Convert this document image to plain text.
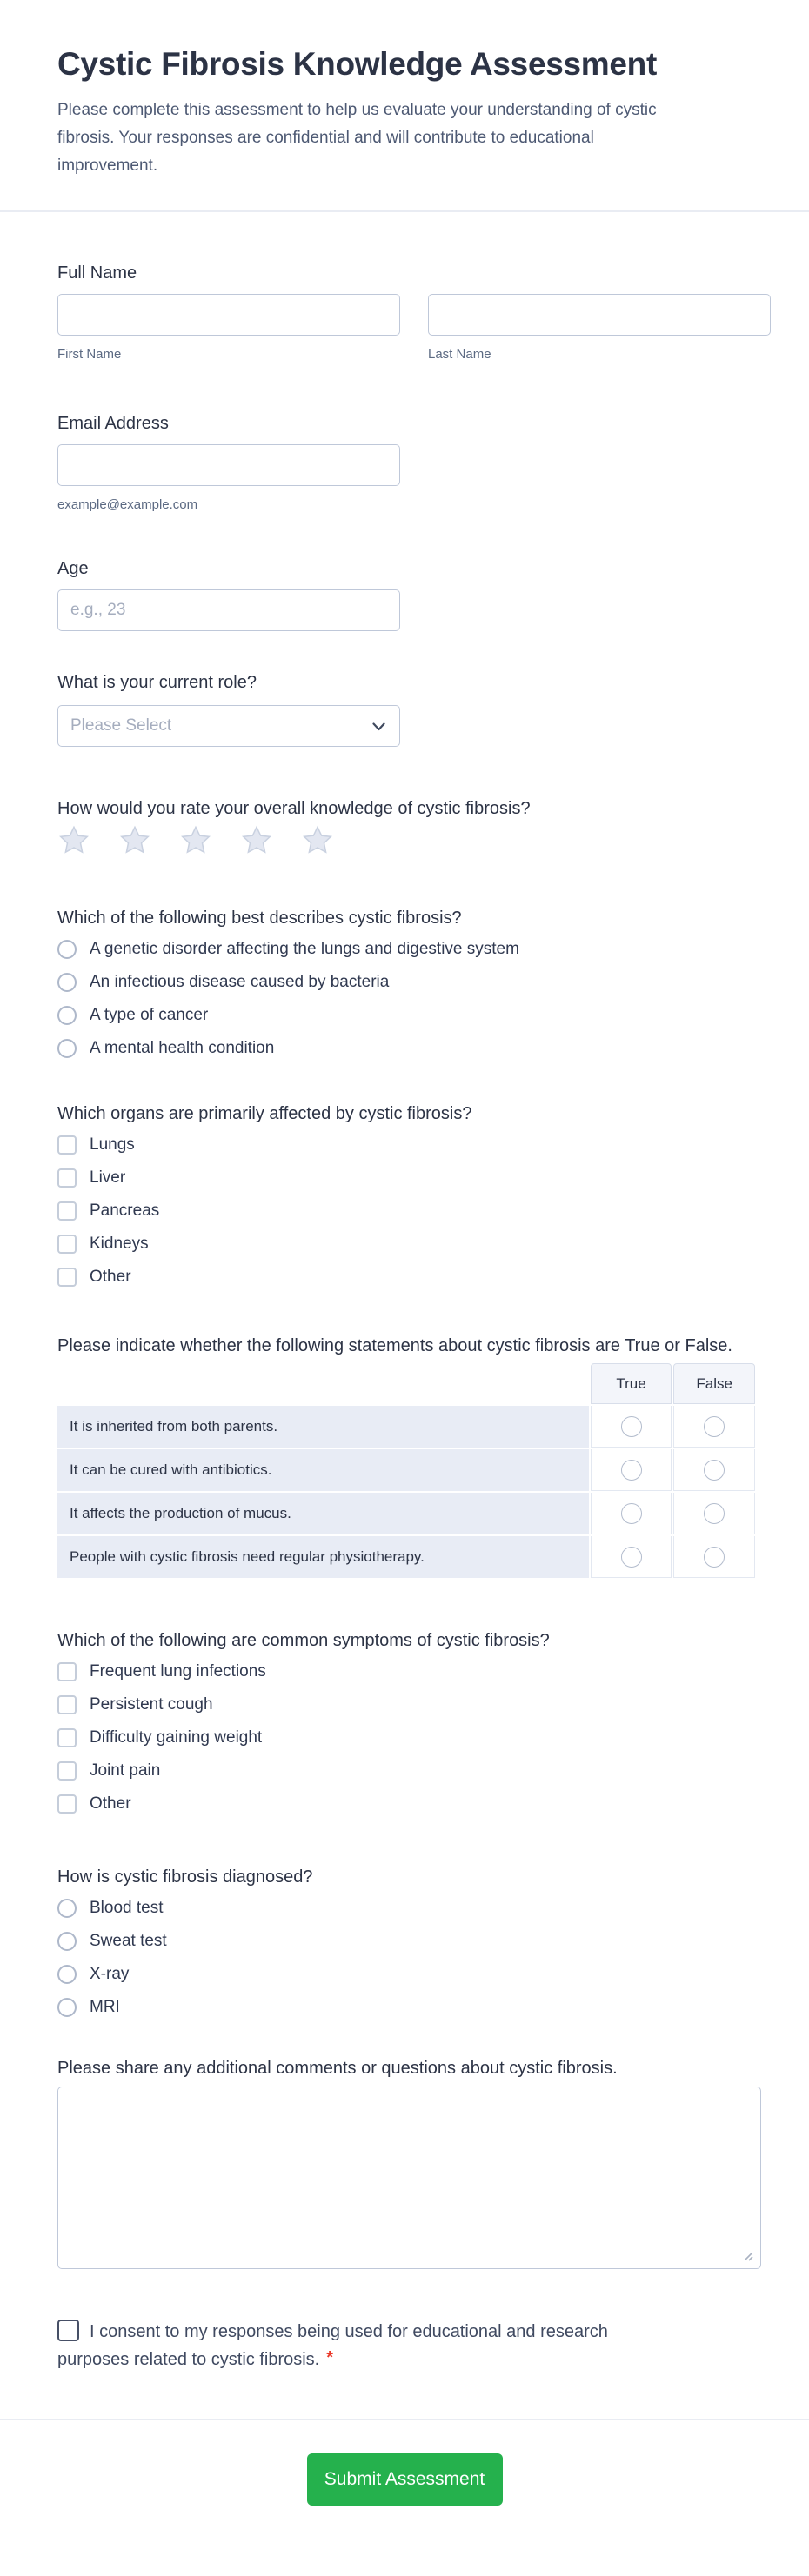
Cystic Fibrosis Knowledge Assessment
Please complete this assessment to help us evaluate your understanding of cystic
fibrosis. Your responses are confidential and will contribute to educational
improvement.
Full Name
First Name	Last Name
Email Address
example@example.com
Age
e.g., 23
What is your current role?
Please Select
How would you rate your overall knowledge of cystic fibrosis?
Which of the following best describes cystic fibrosis?
A genetic disorder affecting the lungs and digestive system
An infectious disease caused by bacteria
A type of cancer
A mental health condition
Which organs are primarily affected by cystic fibrosis?
Lungs
Liver
Pancreas
Kidneys
Other
Please indicate whether the following statements about cystic fibrosis are True or False.
True	False
It is inherited from both parents.
It can be cured with antibiotics.
It affects the production of mucus.
People with cystic fibrosis need regular physiotherapy.
Which of the following are common symptoms of cystic fibrosis?
Frequent lung infections
Persistent cough
Difficulty gaining weight
Joint pain
Other
How is cystic fibrosis diagnosed?
Blood test
Sweat test
X-ray
MRI
Please share any additional comments or questions about cystic fibrosis.
I consent to my responses being used for educational and research
purposes related to cystic fibrosis. *
Submit Assessment
